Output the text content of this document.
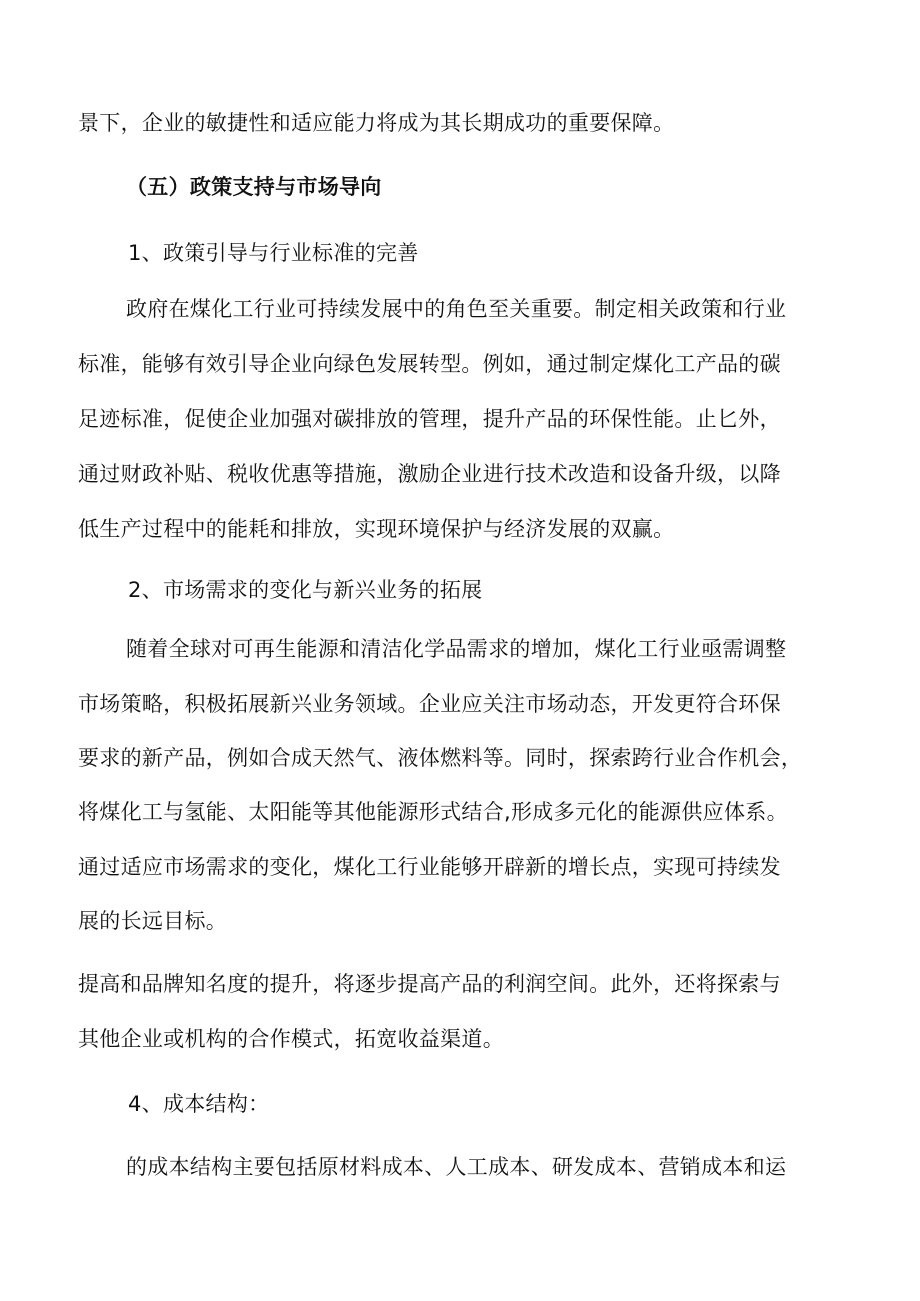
景下，企业的敏捷性和适应能力将成为其长期成功的重要保障。
（五）政策支持与市场导向
1、政策引导与行业标准的完善
政府在煤化工行业可持续发展中的角色至关重要。制定相关政策和行业
标准，能够有效引导企业向绿色发展转型。例如，通过制定煤化工产品的碳
足迹标准，促使企业加强对碳排放的管理，提升产品的环保性能。止匕外，
通过财政补贴、税收优惠等措施，激励企业进行技术改造和设备升级，以降
低生产过程中的能耗和排放，实现环境保护与经济发展的双赢。
2、市场需求的变化与新兴业务的拓展
随着全球对可再生能源和清洁化学品需求的增加，煤化工行业亟需调整
市场策略，积极拓展新兴业务领域。企业应关注市场动态，开发更符合环保
要求的新产品，例如合成天然气、液体燃料等。同时，探索跨行业合作机会，
将煤化工与氢能、太阳能等其他能源形式结合,形成多元化的能源供应体系。
通过适应市场需求的变化，煤化工行业能够开辟新的增长点，实现可持续发
展的长远目标。
提高和品牌知名度的提升，将逐步提高产品的利润空间。此外，还将探索与
其他企业或机构的合作模式，拓宽收益渠道。
4、成本结构：
的成本结构主要包括原材料成本、人工成本、研发成本、营销成本和运
